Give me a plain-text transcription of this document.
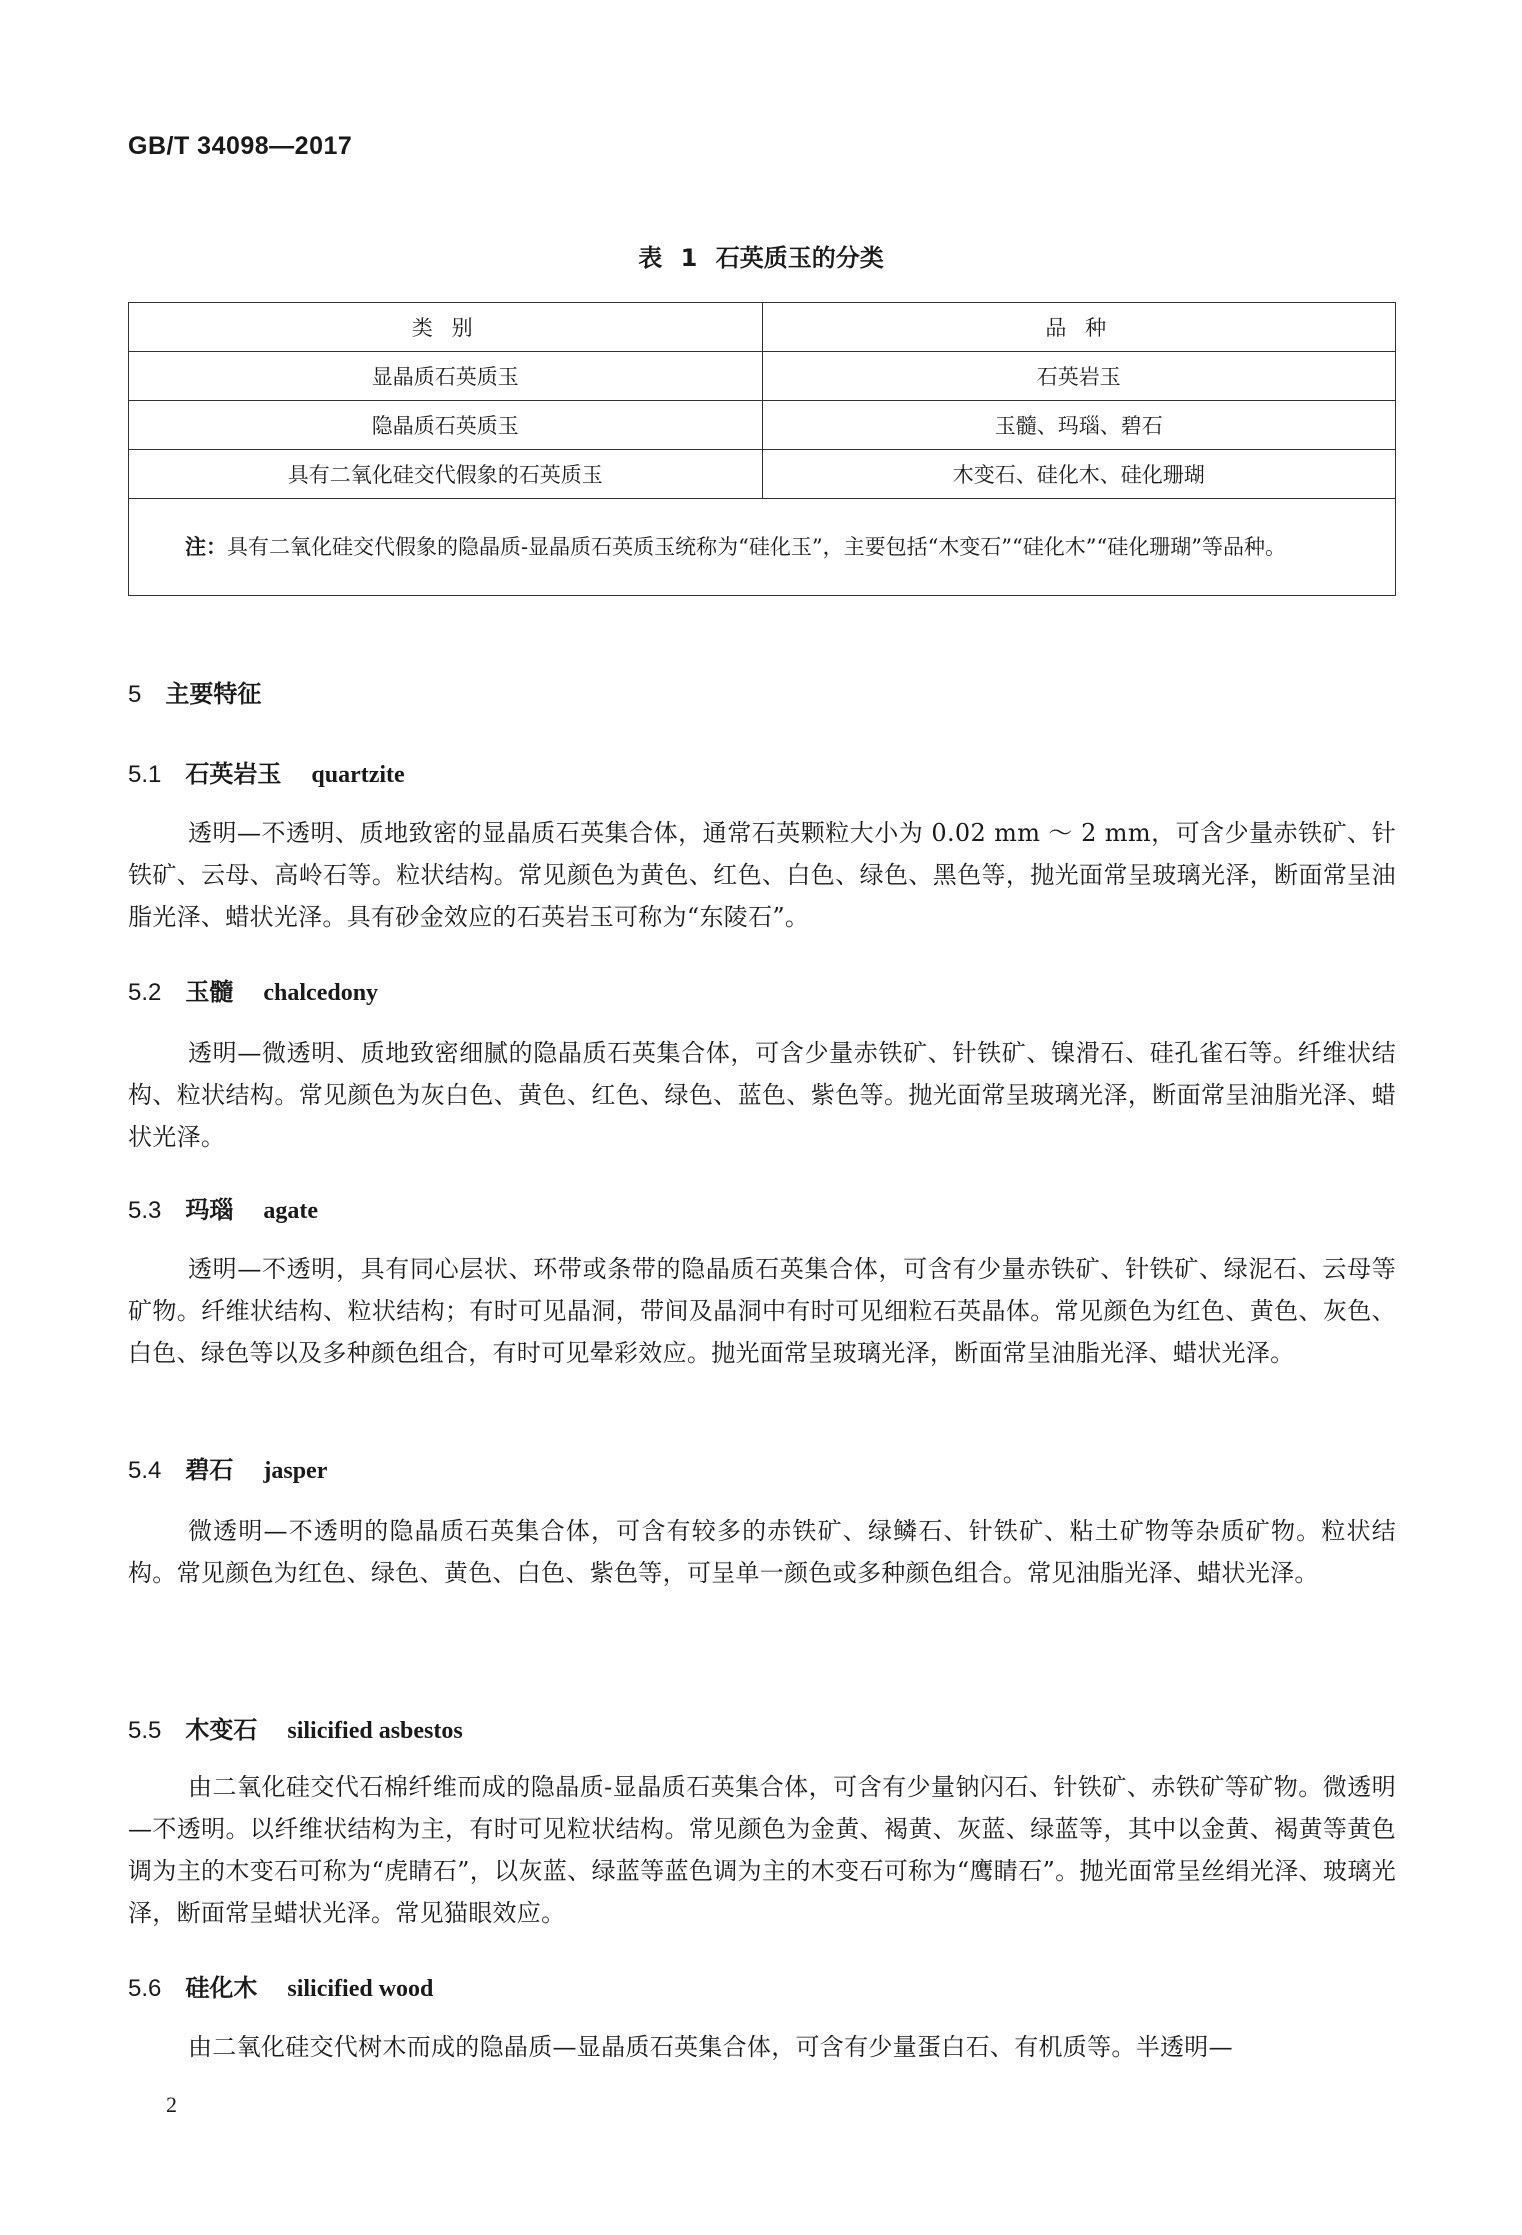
GB/T 34098—2017
表 1 石英质玉的分类
类 别	品 种
显晶质石英质玉	石英岩玉
隐晶质石英质玉	玉髓、玛瑙、碧石
具有二氧化硅交代假象的石英质玉	木变石、硅化木、硅化珊瑚
注：具有二氧化硅交代假象的隐晶质-显晶质石英质玉统称为“硅化玉”，主要包括“木变石”“硅化木”“硅化珊瑚”等品种。	
5 主要特征
5.1 石英岩玉 quartzite
透明—不透明、质地致密的显晶质石英集合体，通常石英颗粒大小为 0.02 mm ～ 2 mm，可含少量赤铁矿、针铁矿、云母、高岭石等。粒状结构。常见颜色为黄色、红色、白色、绿色、黑色等，抛光面常呈玻璃光泽，断面常呈油脂光泽、蜡状光泽。具有砂金效应的石英岩玉可称为“东陵石”。
5.2 玉髓 chalcedony
透明—微透明、质地致密细腻的隐晶质石英集合体，可含少量赤铁矿、针铁矿、镍滑石、硅孔雀石等。纤维状结构、粒状结构。常见颜色为灰白色、黄色、红色、绿色、蓝色、紫色等。抛光面常呈玻璃光泽，断面常呈油脂光泽、蜡状光泽。
5.3 玛瑙 agate
透明—不透明，具有同心层状、环带或条带的隐晶质石英集合体，可含有少量赤铁矿、针铁矿、绿泥石、云母等矿物。纤维状结构、粒状结构；有时可见晶洞，带间及晶洞中有时可见细粒石英晶体。常见颜色为红色、黄色、灰色、白色、绿色等以及多种颜色组合，有时可见晕彩效应。抛光面常呈玻璃光泽，断面常呈油脂光泽、蜡状光泽。
5.4 碧石 jasper
微透明—不透明的隐晶质石英集合体，可含有较多的赤铁矿、绿鳞石、针铁矿、粘土矿物等杂质矿物。粒状结构。常见颜色为红色、绿色、黄色、白色、紫色等，可呈单一颜色或多种颜色组合。常见油脂光泽、蜡状光泽。
5.5 木变石 silicified asbestos
由二氧化硅交代石棉纤维而成的隐晶质-显晶质石英集合体，可含有少量钠闪石、针铁矿、赤铁矿等矿物。微透明—不透明。以纤维状结构为主，有时可见粒状结构。常见颜色为金黄、褐黄、灰蓝、绿蓝等，其中以金黄、褐黄等黄色调为主的木变石可称为“虎睛石”，以灰蓝、绿蓝等蓝色调为主的木变石可称为“鹰睛石”。抛光面常呈丝绢光泽、玻璃光泽，断面常呈蜡状光泽。常见猫眼效应。
5.6 硅化木 silicified wood
由二氧化硅交代树木而成的隐晶质—显晶质石英集合体，可含有少量蛋白石、有机质等。半透明—
2
